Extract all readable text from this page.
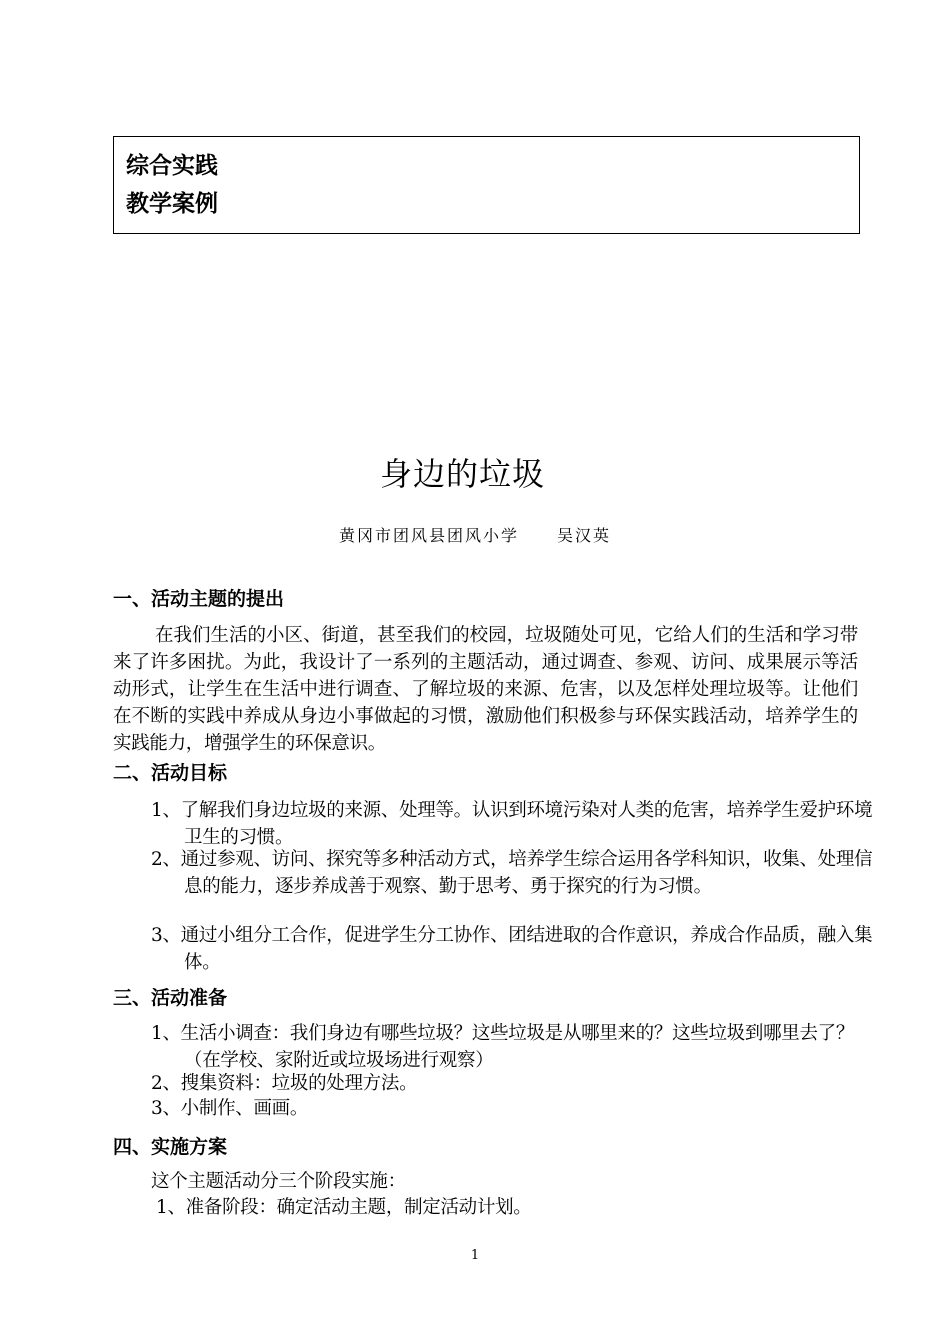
综合实践
教学案例
身边的垃圾
黄冈市团风县团风小学 吴汉英
一、活动主题的提出
在我们生活的小区、街道，甚至我们的校园，垃圾随处可见，它给人们的生活和学习带来了许多困扰。为此，我设计了一系列的主题活动，通过调查、参观、访问、成果展示等活动形式，让学生在生活中进行调查、了解垃圾的来源、危害，以及怎样处理垃圾等。让他们在不断的实践中养成从身边小事做起的习惯，激励他们积极参与环保实践活动，培养学生的实践能力，增强学生的环保意识。
二、活动目标
1、了解我们身边垃圾的来源、处理等。认识到环境污染对人类的危害，培养学生爱护环境卫生的习惯。
2、通过参观、访问、探究等多种活动方式，培养学生综合运用各学科知识，收集、处理信息的能力，逐步养成善于观察、勤于思考、勇于探究的行为习惯。
3、通过小组分工合作，促进学生分工协作、团结进取的合作意识，养成合作品质，融入集体。
三、活动准备
1、生活小调查：我们身边有哪些垃圾？这些垃圾是从哪里来的？这些垃圾到哪里去了？（在学校、家附近或垃圾场进行观察）
2、搜集资料：垃圾的处理方法。
3、小制作、画画。
四、实施方案
这个主题活动分三个阶段实施：
1、准备阶段：确定活动主题，制定活动计划。
1
